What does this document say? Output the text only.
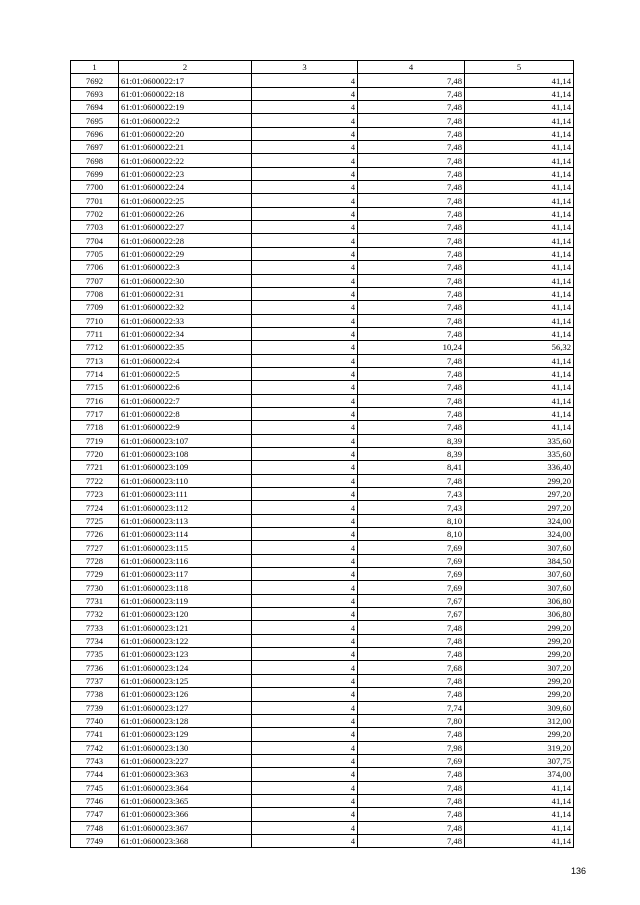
1	2	3	4	5
7692	61:01:0600022:17	4	7,48	41,14
7693	61:01:0600022:18	4	7,48	41,14
7694	61:01:0600022:19	4	7,48	41,14
7695	61:01:0600022:2	4	7,48	41,14
7696	61:01:0600022:20	4	7,48	41,14
7697	61:01:0600022:21	4	7,48	41,14
7698	61:01:0600022:22	4	7,48	41,14
7699	61:01:0600022:23	4	7,48	41,14
7700	61:01:0600022:24	4	7,48	41,14
7701	61:01:0600022:25	4	7,48	41,14
7702	61:01:0600022:26	4	7,48	41,14
7703	61:01:0600022:27	4	7,48	41,14
7704	61:01:0600022:28	4	7,48	41,14
7705	61:01:0600022:29	4	7,48	41,14
7706	61:01:0600022:3	4	7,48	41,14
7707	61:01:0600022:30	4	7,48	41,14
7708	61:01:0600022:31	4	7,48	41,14
7709	61:01:0600022:32	4	7,48	41,14
7710	61:01:0600022:33	4	7,48	41,14
7711	61:01:0600022:34	4	7,48	41,14
7712	61:01:0600022:35	4	10,24	56,32
7713	61:01:0600022:4	4	7,48	41,14
7714	61:01:0600022:5	4	7,48	41,14
7715	61:01:0600022:6	4	7,48	41,14
7716	61:01:0600022:7	4	7,48	41,14
7717	61:01:0600022:8	4	7,48	41,14
7718	61:01:0600022:9	4	7,48	41,14
7719	61:01:0600023:107	4	8,39	335,60
7720	61:01:0600023:108	4	8,39	335,60
7721	61:01:0600023:109	4	8,41	336,40
7722	61:01:0600023:110	4	7,48	299,20
7723	61:01:0600023:111	4	7,43	297,20
7724	61:01:0600023:112	4	7,43	297,20
7725	61:01:0600023:113	4	8,10	324,00
7726	61:01:0600023:114	4	8,10	324,00
7727	61:01:0600023:115	4	7,69	307,60
7728	61:01:0600023:116	4	7,69	384,50
7729	61:01:0600023:117	4	7,69	307,60
7730	61:01:0600023:118	4	7,69	307,60
7731	61:01:0600023:119	4	7,67	306,80
7732	61:01:0600023:120	4	7,67	306,80
7733	61:01:0600023:121	4	7,48	299,20
7734	61:01:0600023:122	4	7,48	299,20
7735	61:01:0600023:123	4	7,48	299,20
7736	61:01:0600023:124	4	7,68	307,20
7737	61:01:0600023:125	4	7,48	299,20
7738	61:01:0600023:126	4	7,48	299,20
7739	61:01:0600023:127	4	7,74	309,60
7740	61:01:0600023:128	4	7,80	312,00
7741	61:01:0600023:129	4	7,48	299,20
7742	61:01:0600023:130	4	7,98	319,20
7743	61:01:0600023:227	4	7,69	307,75
7744	61:01:0600023:363	4	7,48	374,00
7745	61:01:0600023:364	4	7,48	41,14
7746	61:01:0600023:365	4	7,48	41,14
7747	61:01:0600023:366	4	7,48	41,14
7748	61:01:0600023:367	4	7,48	41,14
7749	61:01:0600023:368	4	7,48	41,14
136
